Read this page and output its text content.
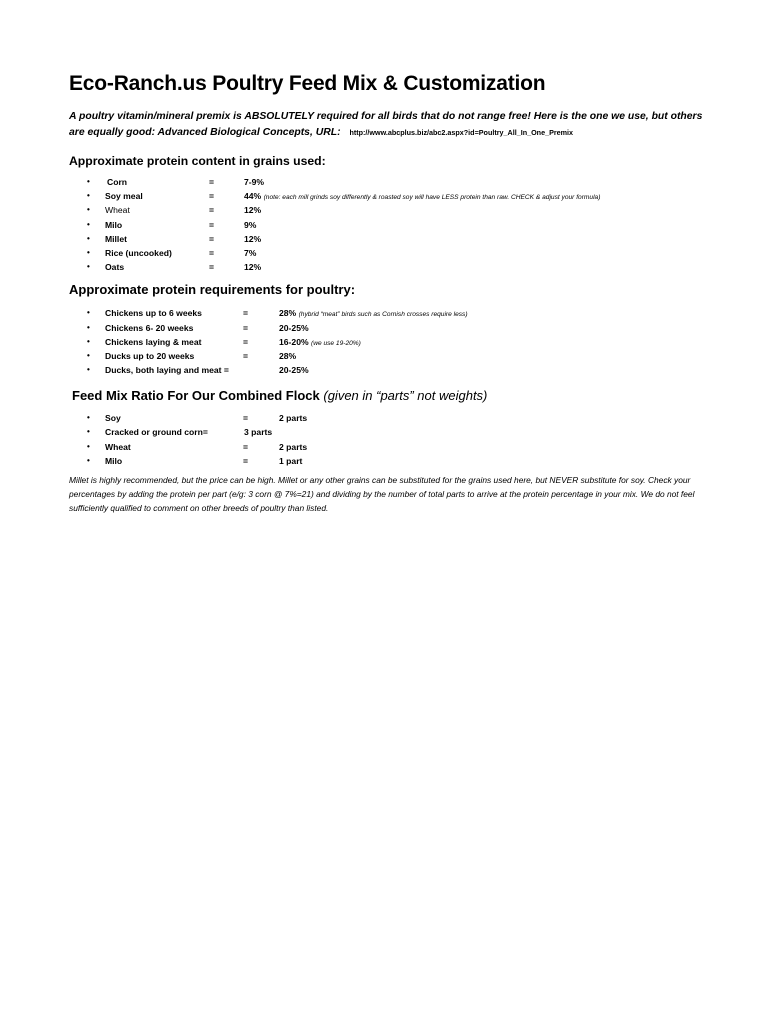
Eco-Ranch.us Poultry Feed Mix & Customization
A poultry vitamin/mineral premix is ABSOLUTELY required for all birds that do not range free! Here is the one we use, but others are equally good: Advanced Biological Concepts, URL: http://www.abcplus.biz/abc2.aspx?id=Poultry_All_In_One_Premix
Approximate protein content in grains used:
• Corn	=	7-9%
• Soy meal	=	44% (note: each mill grinds soy differently & roasted soy will have LESS protein than raw. CHECK & adjust your formula)
• Wheat	=	12%
• Milo	=	9%
• Millet	=	12%
• Rice (uncooked)	=	7%
• Oats	=	12%
Approximate protein requirements for poultry:
• Chickens up to 6 weeks	=	28% (hybrid “meat” birds such as Cornish crosses require less)
• Chickens 6- 20 weeks	=	20-25%
• Chickens laying & meat	=	16-20% (we use 19-20%)
• Ducks up to 20 weeks	=	28%
• Ducks, both laying and meat =	20-25%
Feed Mix Ratio For Our Combined Flock (given in “parts” not weights)
• Soy	=	2 parts
• Cracked or ground corn=	3 parts
• Wheat	=	2 parts
• Milo	=	1 part

Millet is highly recommended, but the price can be high. Millet or any other grains can be substituted for the grains used here, but NEVER substitute for soy. Check your percentages by adding the protein per part (e/g: 3 corn @ 7%=21) and dividing by the number of total parts to arrive at the protein percentage in your mix. We do not feel sufficiently qualified to comment on other breeds of poultry than listed.
